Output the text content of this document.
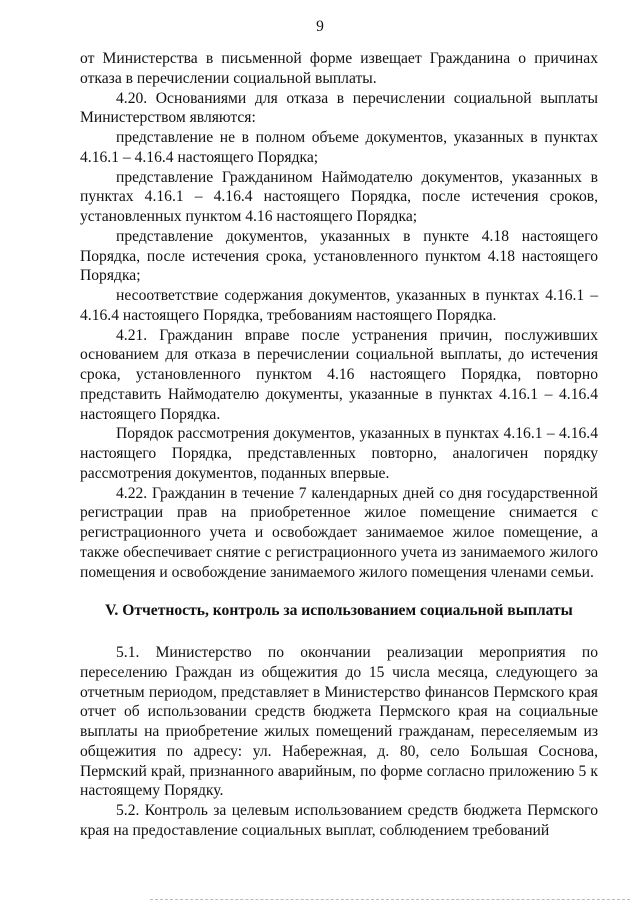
9

от Министерства в письменной форме извещает Гражданина о причинах отказа в перечислении социальной выплаты.

4.20. Основаниями для отказа в перечислении социальной выплаты Министерством являются:

представление не в полном объеме документов, указанных в пунктах 4.16.1 – 4.16.4 настоящего Порядка;

представление Гражданином Наймодателю документов, указанных в пунктах 4.16.1 – 4.16.4 настоящего Порядка, после истечения сроков, установленных пунктом 4.16 настоящего Порядка;

представление документов, указанных в пункте 4.18 настоящего Порядка, после истечения срока, установленного пунктом 4.18 настоящего Порядка;

несоответствие содержания документов, указанных в пунктах 4.16.1 – 4.16.4 настоящего Порядка, требованиям настоящего Порядка.

4.21. Гражданин вправе после устранения причин, послуживших основанием для отказа в перечислении социальной выплаты, до истечения срока, установленного пунктом 4.16 настоящего Порядка, повторно представить Наймодателю документы, указанные в пунктах 4.16.1 – 4.16.4 настоящего Порядка.

Порядок рассмотрения документов, указанных в пунктах 4.16.1 – 4.16.4 настоящего Порядка, представленных повторно, аналогичен порядку рассмотрения документов, поданных впервые.

4.22. Гражданин в течение 7 календарных дней со дня государственной регистрации прав на приобретенное жилое помещение снимается с регистрационного учета и освобождает занимаемое жилое помещение, а также обеспечивает снятие с регистрационного учета из занимаемого жилого помещения и освобождение занимаемого жилого помещения членами семьи.

V. Отчетность, контроль за использованием социальной выплаты

5.1. Министерство по окончании реализации мероприятия по переселению Граждан из общежития до 15 числа месяца, следующего за отчетным периодом, представляет в Министерство финансов Пермского края отчет об использовании средств бюджета Пермского края на социальные выплаты на приобретение жилых помещений гражданам, переселяемым из общежития по адресу: ул. Набережная, д. 80, село Большая Соснова, Пермский край, признанного аварийным, по форме согласно приложению 5 к настоящему Порядку.

5.2. Контроль за целевым использованием средств бюджета Пермского края на предоставление социальных выплат, соблюдением требований
